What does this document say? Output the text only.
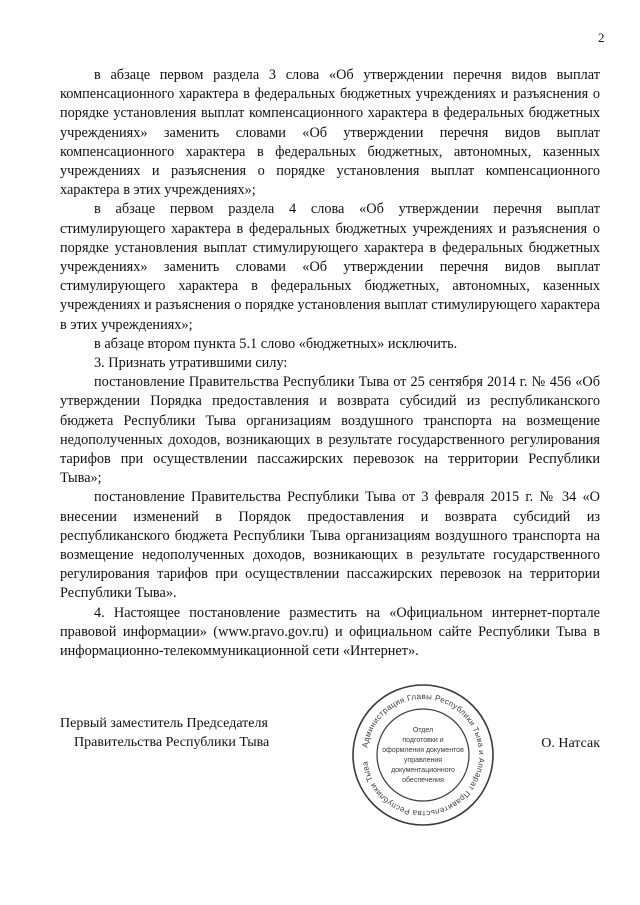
2

в абзаце первом раздела 3 слова «Об утверждении перечня видов выплат компенсационного характера в федеральных бюджетных учреждениях и разъяснения о порядке установления выплат компенсационного характера в федеральных бюджетных учреждениях» заменить словами «Об утверждении перечня видов выплат компенсационного характера в федеральных бюджетных, автономных, казенных учреждениях и разъяснения о порядке установления выплат компенсационного характера в этих учреждениях»;

в абзаце первом раздела 4 слова «Об утверждении перечня выплат стимулирующего характера в федеральных бюджетных учреждениях и разъяснения о порядке установления выплат стимулирующего характера в федеральных бюджетных учреждениях» заменить словами «Об утверждении перечня видов выплат стимулирующего характера в федеральных бюджетных, автономных, казенных учреждениях и разъяснения о порядке установления выплат стимулирующего характера в этих учреждениях»;

в абзаце втором пункта 5.1 слово «бюджетных» исключить.

3. Признать утратившими силу:

постановление Правительства Республики Тыва от 25 сентября 2014 г. № 456 «Об утверждении Порядка предоставления и возврата субсидий из республиканского бюджета Республики Тыва организациям воздушного транспорта на возмещение недополученных доходов, возникающих в результате государственного регулирования тарифов при осуществлении пассажирских перевозок на территории Республики Тыва»;

постановление Правительства Республики Тыва от 3 февраля 2015 г. № 34 «О внесении изменений в Порядок предоставления и возврата субсидий из республиканского бюджета Республики Тыва организациям воздушного транспорта на возмещение недополученных доходов, возникающих в результате государственного регулирования тарифов при осуществлении пассажирских перевозок на территории Республики Тыва».

4. Настоящее постановление разместить на «Официальном интернет-портале правовой информации» (www.pravo.gov.ru) и официальном сайте Республики Тыва в информационно-телекоммуникационной сети «Интернет».

Первый заместитель Председателя
Правительства Республики Тыва	Администрация Главы Республики Тыва и Аппарат Правительства Республики Тыва
Отдел
подготовки и
оформления документов
управления
документационного
обеспечения
О. Натсак
